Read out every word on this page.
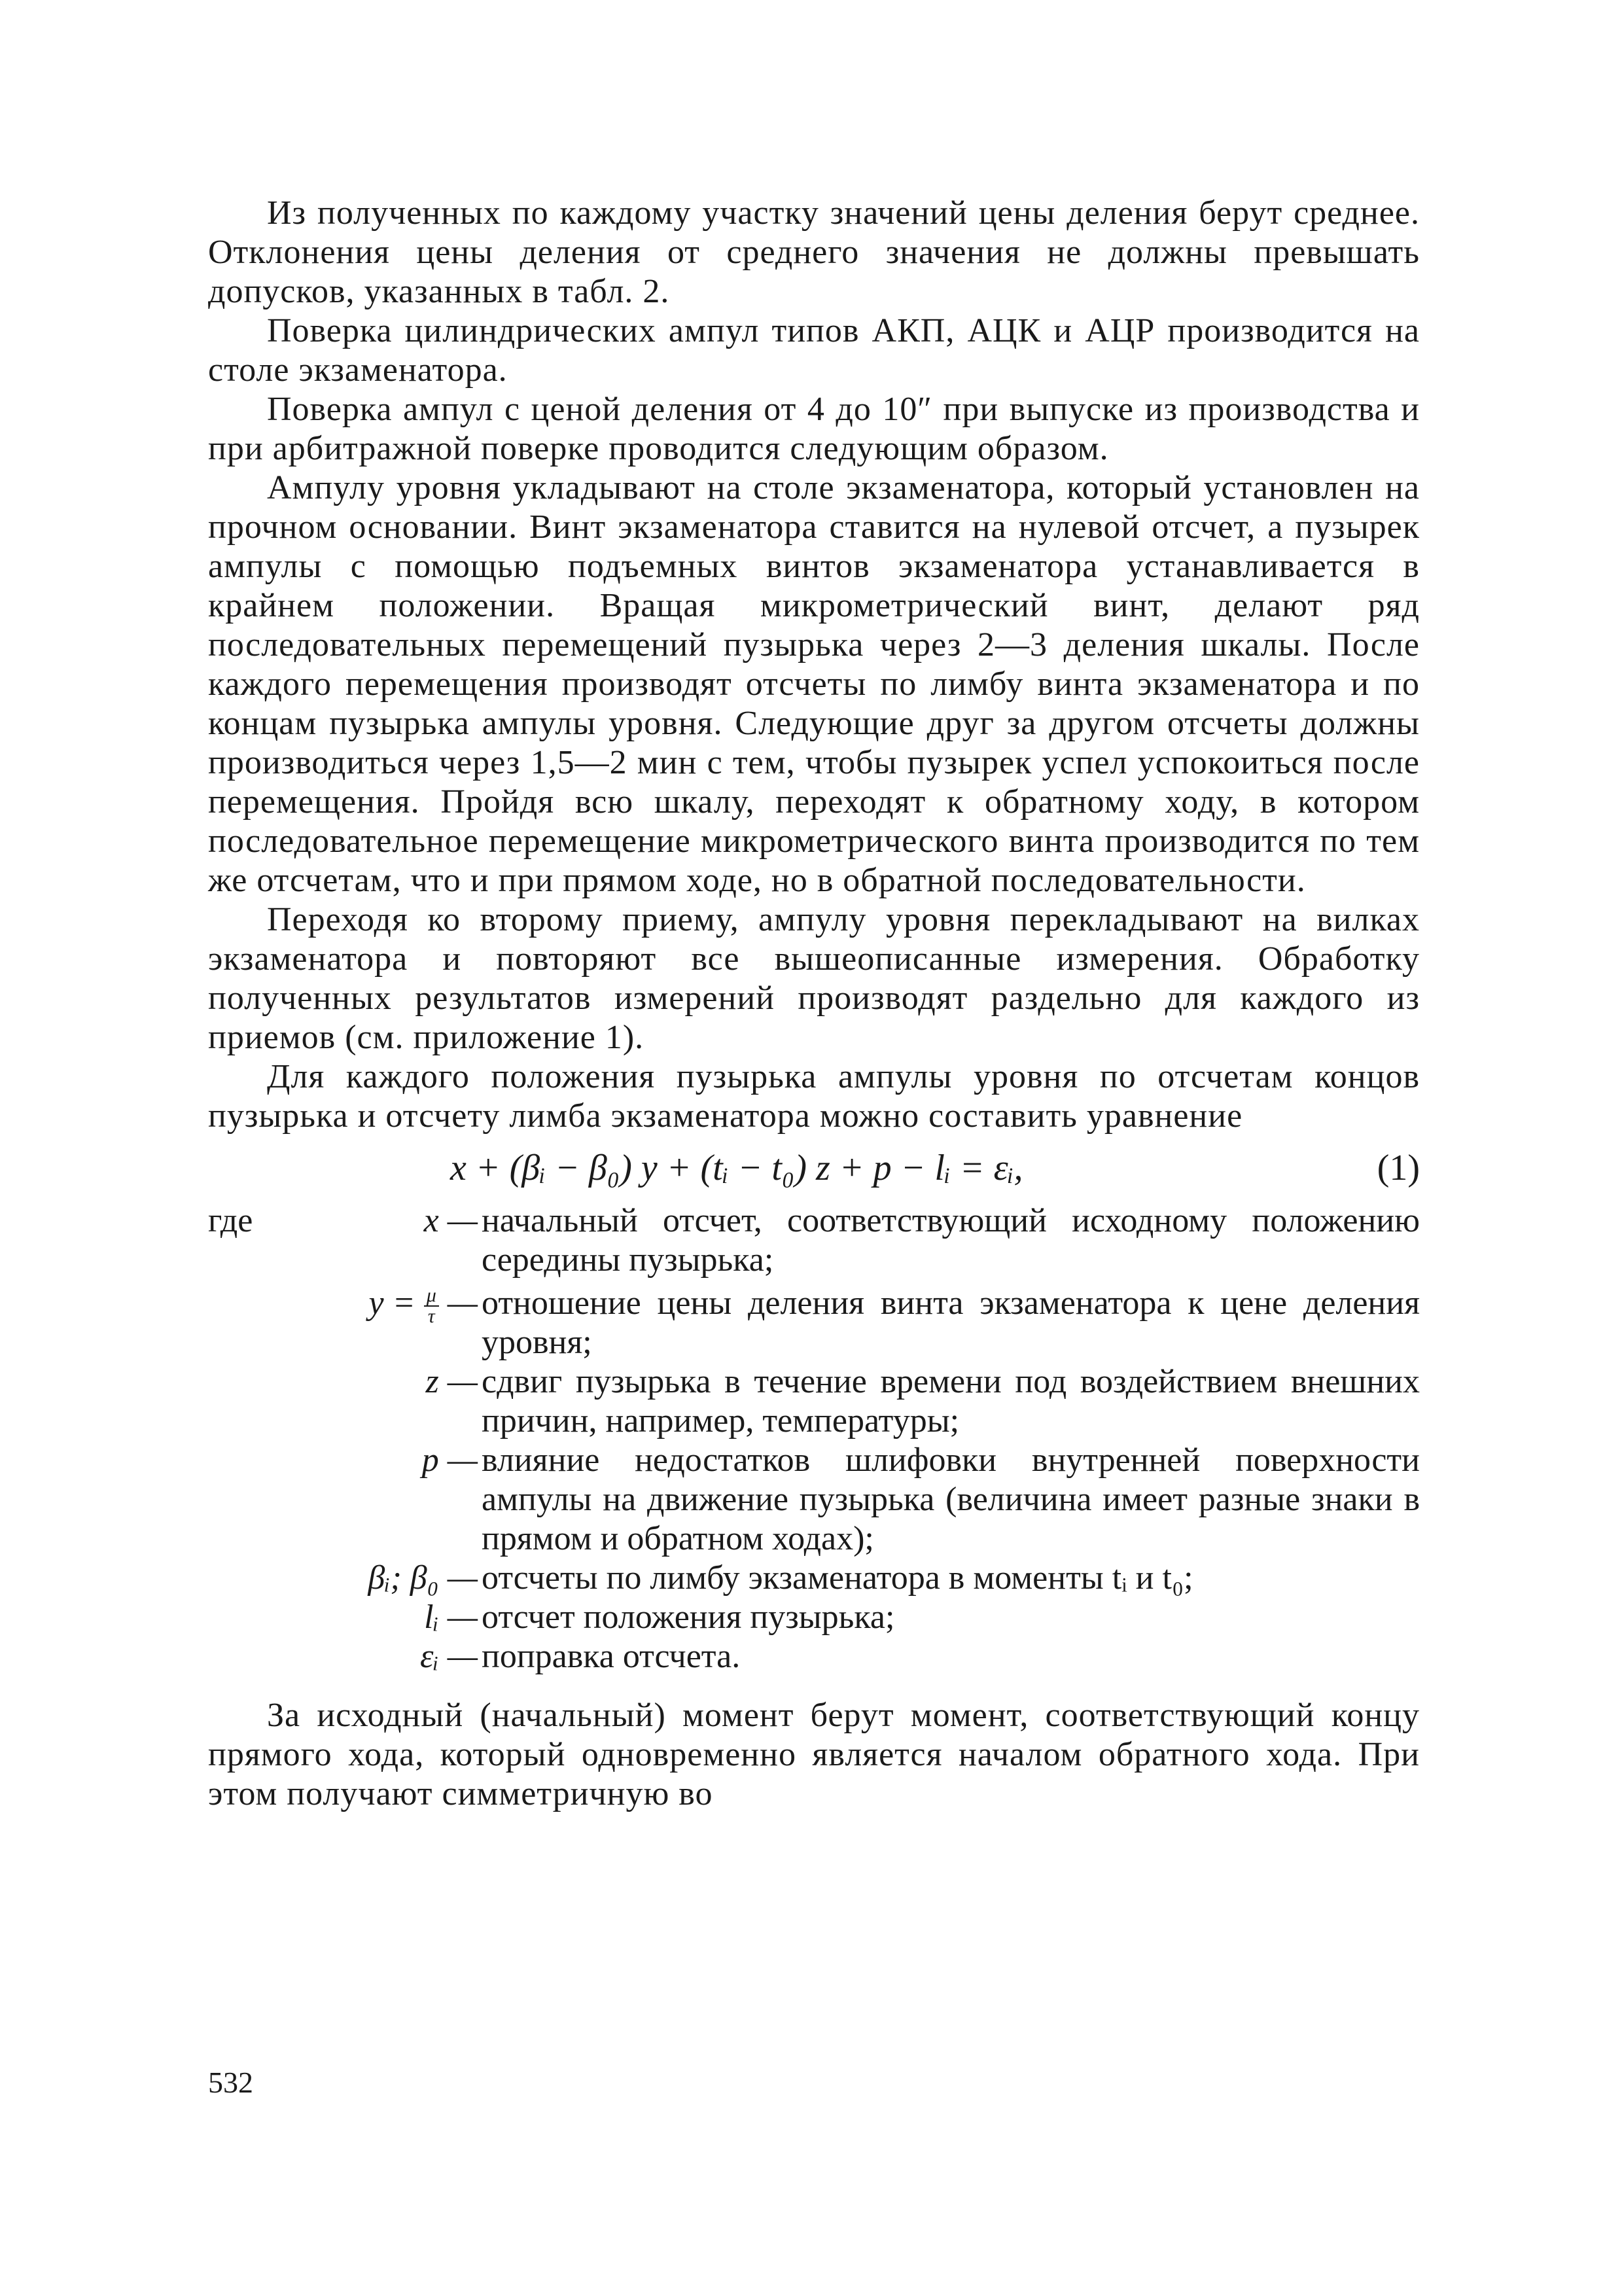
Из полученных по каждому участку значений цены деления берут среднее. Отклонения цены деления от среднего значения не должны превышать допусков, указанных в табл. 2.

Поверка цилиндрических ампул типов АКП, АЦК и АЦР производится на столе экзаменатора.

Поверка ампул с ценой деления от 4 до 10″ при выпуске из производства и при арбитражной поверке проводится следующим образом.

Ампулу уровня укладывают на столе экзаменатора, который установлен на прочном основании. Винт экзаменатора ставится на нулевой отсчет, а пузырек ампулы с помощью подъемных винтов экзаменатора устанавливается в крайнем положении. Вращая микрометрический винт, делают ряд последовательных перемещений пузырька через 2—3 деления шкалы. После каждого перемещения производят отсчеты по лимбу винта экзаменатора и по концам пузырька ампулы уровня. Следующие друг за другом отсчеты должны производиться через 1,5—2 мин с тем, чтобы пузырек успел успокоиться после перемещения. Пройдя всю шкалу, переходят к обратному ходу, в котором последовательное перемещение микрометрического винта производится по тем же отсчетам, что и при прямом ходе, но в обратной последовательности.

Переходя ко второму приему, ампулу уровня перекладывают на вилках экзаменатора и повторяют все вышеописанные измерения. Обработку полученных результатов измерений производят раздельно для каждого из приемов (см. приложение 1).

Для каждого положения пузырька ампулы уровня по отсчетам концов пузырька и отсчету лимба экзаменатора можно составить уравнение

x + (βᵢ − β₀) y + (tᵢ − t₀) z + p − lᵢ = εᵢ,	(1)
где	x — начальный отсчет, соответствующий исходному положению середины пузырька;
$y = \frac{\mu}{\tau}$ — отношение цены деления винта экзаменатора к цене деления уровня;
z — сдвиг пузырька в течение времени под воздействием внешних причин, например, температуры;
p — влияние недостатков шлифовки внутренней поверхности ампулы на движение пузырька (величина имеет разные знаки в прямом и обратном ходах);
βᵢ; β₀ — отсчеты по лимбу экзаменатора в моменты tᵢ и t₀;
lᵢ — отсчет положения пузырька;
εᵢ — поправка отсчета.

За исходный (начальный) момент берут момент, соответствующий концу прямого хода, который одновременно является началом обратного хода. При этом получают симметричную во

532
